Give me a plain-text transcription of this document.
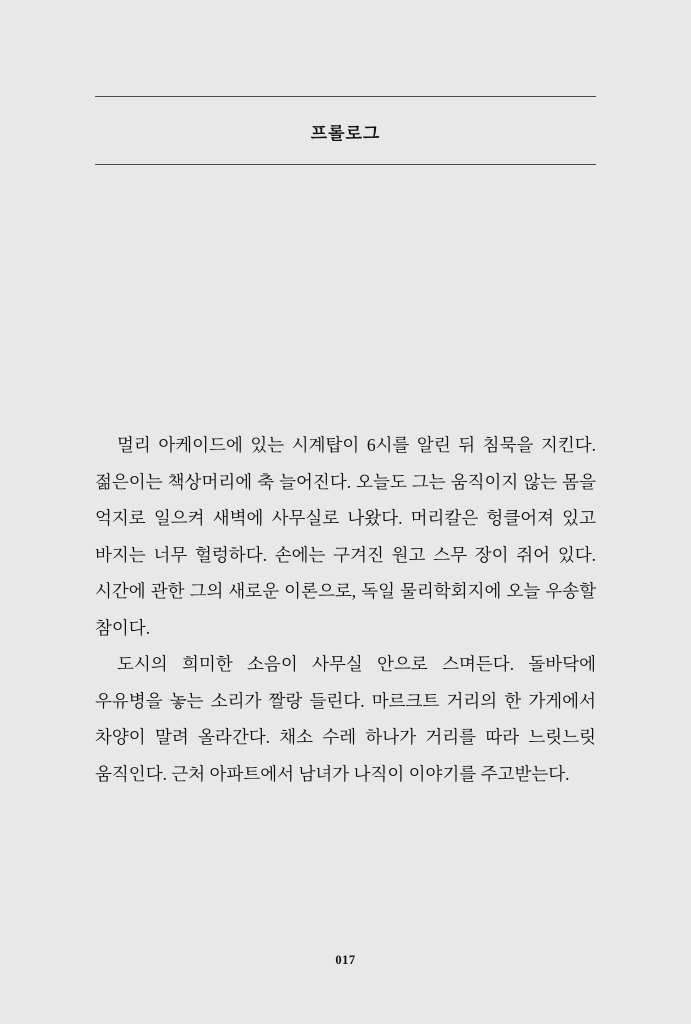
프롤로그

멀리 아케이드에 있는 시계탑이 6시를 알린 뒤 침묵을 지킨다. 젊은이는 책상머리에 축 늘어진다. 오늘도 그는 움직이지 않는 몸을 억지로 일으켜 새벽에 사무실로 나왔다. 머리칼은 헝클어져 있고 바지는 너무 헐렁하다. 손에는 구겨진 원고 스무 장이 쥐어 있다. 시간에 관한 그의 새로운 이론으로, 독일 물리학회지에 오늘 우송할 참이다.

도시의 희미한 소음이 사무실 안으로 스며든다. 돌바닥에 우유병을 놓는 소리가 짤랑 들린다. 마르크트 거리의 한 가게에서 차양이 말려 올라간다. 채소 수레 하나가 거리를 따라 느릿느릿 움직인다. 근처 아파트에서 남녀가 나직이 이야기를 주고받는다.

017
